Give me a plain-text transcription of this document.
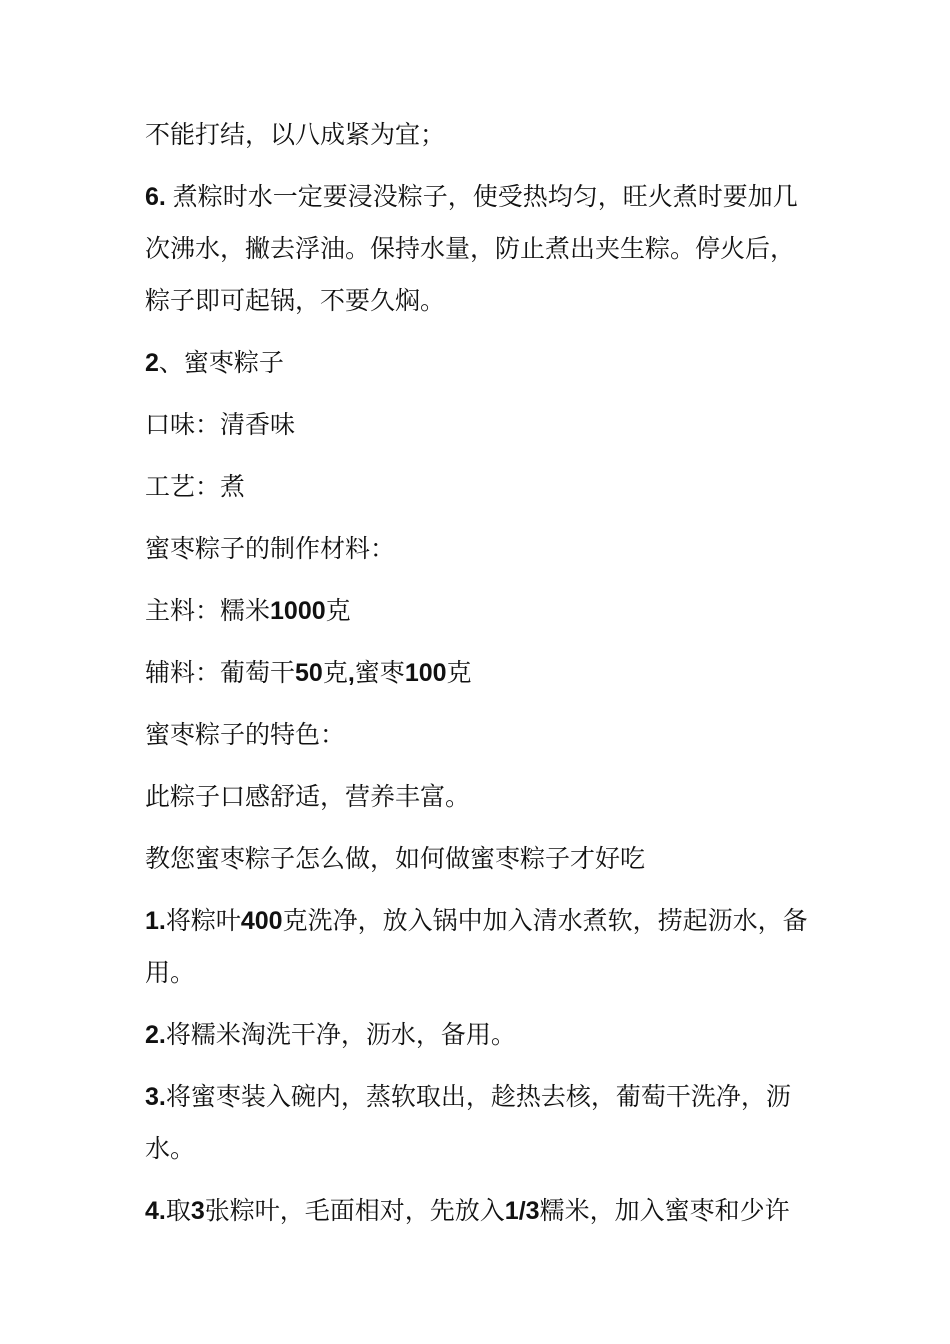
不能打结，以八成紧为宜；

6. 煮粽时水一定要浸没粽子，使受热均匀，旺火煮时要加几次沸水，撇去浮油。保持水量，防止煮出夹生粽。停火后，粽子即可起锅，不要久焖。

2、蜜枣粽子

口味：清香味

工艺：煮

蜜枣粽子的制作材料：

主料：糯米1000克

辅料：葡萄干50克,蜜枣100克

蜜枣粽子的特色：

此粽子口感舒适，营养丰富。

教您蜜枣粽子怎么做，如何做蜜枣粽子才好吃

1.将粽叶400克洗净，放入锅中加入清水煮软，捞起沥水，备用。

2.将糯米淘洗干净，沥水，备用。

3.将蜜枣装入碗内，蒸软取出，趁热去核，葡萄干洗净，沥水。

4.取3张粽叶，毛面相对，先放入1/3糯米，加入蜜枣和少许
